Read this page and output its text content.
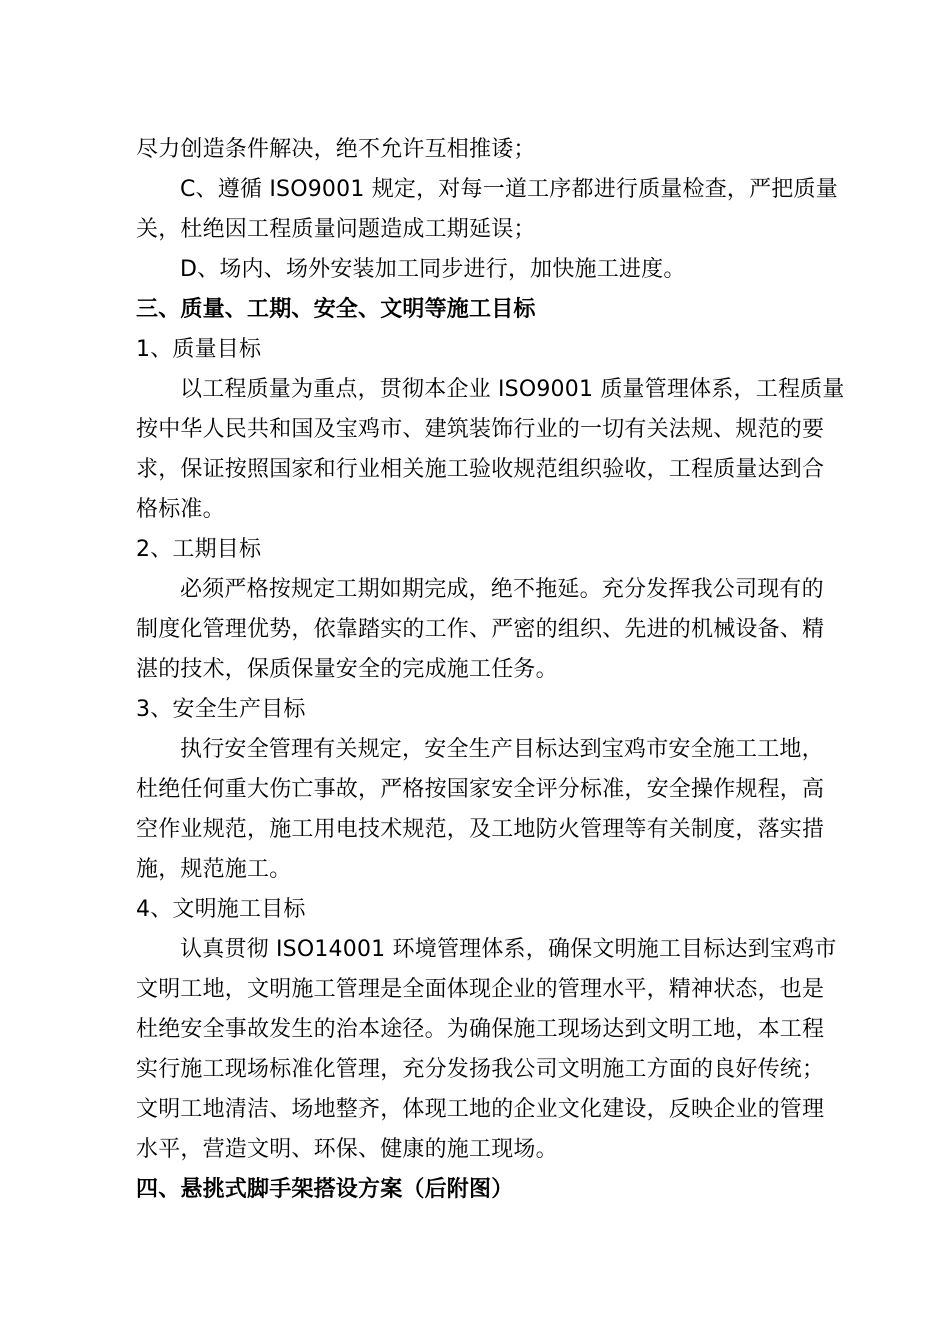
尽力创造条件解决，绝不允许互相推诿；
C、遵循 ISO9001 规定，对每一道工序都进行质量检查，严把质量
关，杜绝因工程质量问题造成工期延误；
D、场内、场外安装加工同步进行，加快施工进度。
三、质量、工期、安全、文明等施工目标
1、质量目标
以工程质量为重点，贯彻本企业 ISO9001 质量管理体系，工程质量
按中华人民共和国及宝鸡市、建筑装饰行业的一切有关法规、规范的要
求，保证按照国家和行业相关施工验收规范组织验收，工程质量达到合
格标准。
2、工期目标
必须严格按规定工期如期完成，绝不拖延。充分发挥我公司现有的
制度化管理优势，依靠踏实的工作、严密的组织、先进的机械设备、精
湛的技术，保质保量安全的完成施工任务。
3、安全生产目标
执行安全管理有关规定，安全生产目标达到宝鸡市安全施工工地，
杜绝任何重大伤亡事故，严格按国家安全评分标准，安全操作规程，高
空作业规范，施工用电技术规范，及工地防火管理等有关制度，落实措
施，规范施工。
4、文明施工目标
认真贯彻 ISO14001 环境管理体系，确保文明施工目标达到宝鸡市
文明工地，文明施工管理是全面体现企业的管理水平，精神状态，也是
杜绝安全事故发生的治本途径。为确保施工现场达到文明工地，本工程
实行施工现场标准化管理，充分发扬我公司文明施工方面的良好传统；
文明工地清洁、场地整齐，体现工地的企业文化建设，反映企业的管理
水平，营造文明、环保、健康的施工现场。
四、悬挑式脚手架搭设方案（后附图）
